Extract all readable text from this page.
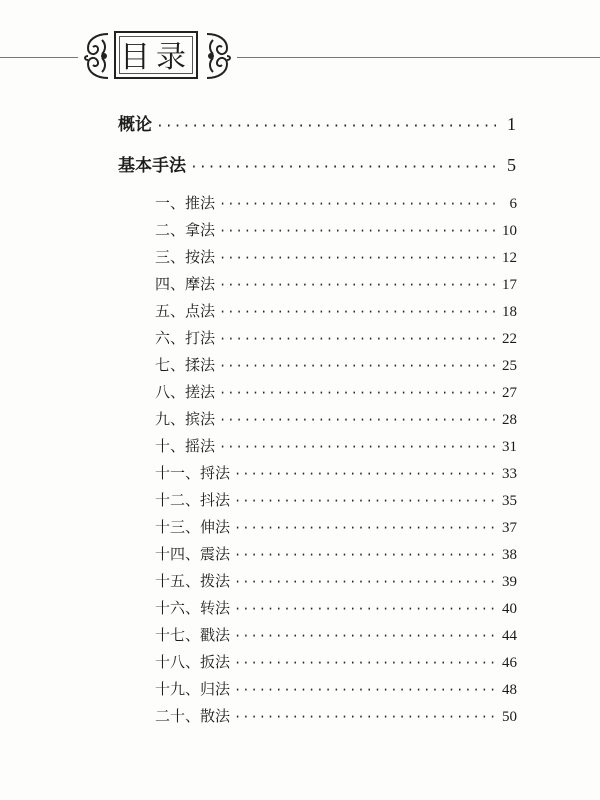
目录
概论 ·····	1
基本手法 ·····	5
一、推法 ·····	6
二、拿法 ·····	10
三、按法 ·····	12
四、摩法 ·····	17
五、点法 ·····	18
六、打法 ·····	22
七、揉法 ·····	25
八、搓法 ·····	27
九、摈法 ·····	28
十、摇法 ·····	31
十一、捋法 ·····	33
十二、抖法 ·····	35
十三、伸法 ·····	37
十四、震法 ·····	38
十五、拨法 ·····	39
十六、转法 ·····	40
十七、戳法 ·····	44
十八、扳法 ·····	46
十九、归法 ·····	48
二十、散法 ·····	50
